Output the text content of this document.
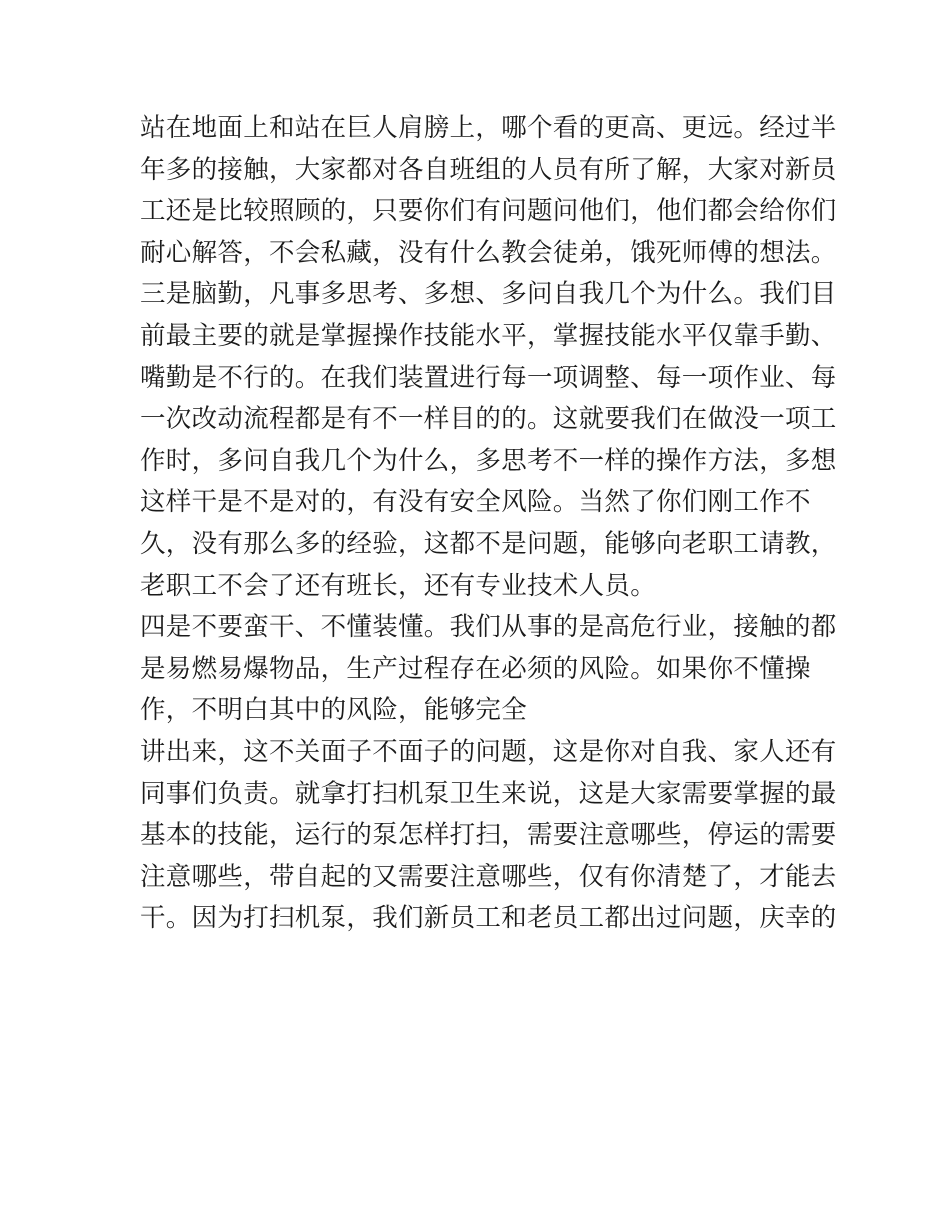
站在地面上和站在巨人肩膀上，哪个看的更高、更远。经过半
年多的接触，大家都对各自班组的人员有所了解，大家对新员
工还是比较照顾的，只要你们有问题问他们，他们都会给你们
耐心解答，不会私藏，没有什么教会徒弟，饿死师傅的想法。
三是脑勤，凡事多思考、多想、多问自我几个为什么。我们目
前最主要的就是掌握操作技能水平，掌握技能水平仅靠手勤、
嘴勤是不行的。在我们装置进行每一项调整、每一项作业、每
一次改动流程都是有不一样目的的。这就要我们在做没一项工
作时，多问自我几个为什么，多思考不一样的操作方法，多想
这样干是不是对的，有没有安全风险。当然了你们刚工作不
久，没有那么多的经验，这都不是问题，能够向老职工请教，
老职工不会了还有班长，还有专业技术人员。
四是不要蛮干、不懂装懂。我们从事的是高危行业，接触的都
是易燃易爆物品，生产过程存在必须的风险。如果你不懂操
作，不明白其中的风险，能够完全
讲出来，这不关面子不面子的问题，这是你对自我、家人还有
同事们负责。就拿打扫机泵卫生来说，这是大家需要掌握的最
基本的技能，运行的泵怎样打扫，需要注意哪些，停运的需要
注意哪些，带自起的又需要注意哪些，仅有你清楚了，才能去
干。因为打扫机泵，我们新员工和老员工都出过问题，庆幸的
